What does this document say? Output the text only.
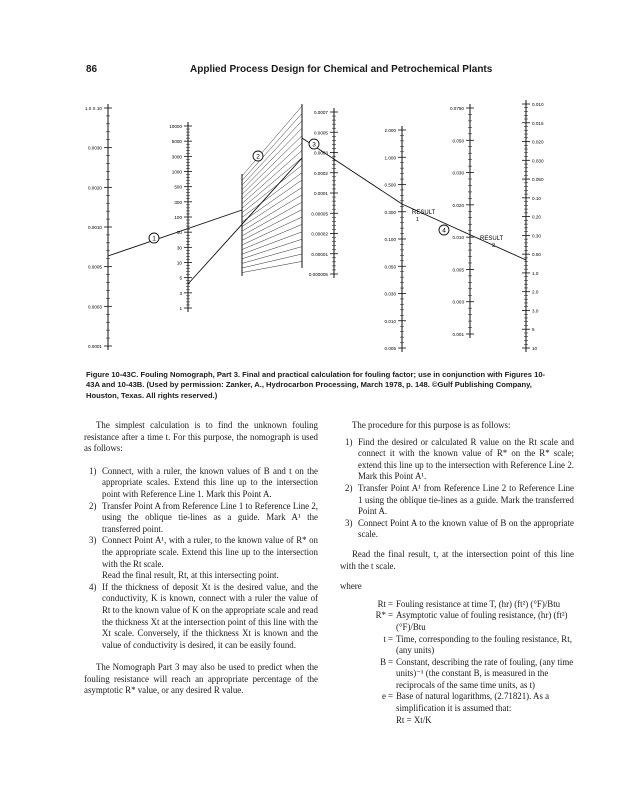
86	Applied Process Design for Chemical and Petrochemical Plants
1.0 X 10
0.0030
0.0020
0.0010
0.0005
0.0003
0.0001
10000
5000
3000
1000
500
300
100
50
30
10
5
3
1
0.0007
0.0005
0.0003
0.0002
0.0001
0.00005
0.00002
0.00001
0.000005
2.000
1.000
0.500
0.300
0.100
0.050
0.030
0.010
0.005
0.0750
0.050
0.030
0.020
0.010
0.005
0.003
0.001
0.010
0.015
0.020
0.030
0.050
0.10
0.20
0.30
0.50
1.0
2.0
3.0
5
10
1
2
3
4
RESULT
1
RESULT
2
Figure 10-43C. Fouling Nomograph, Part 3. Final and practical calculation for fouling factor; use in conjunction with Figures 10-43A and 10-43B. (Used by permission: Zanker, A., Hydrocarbon Processing, March 1978, p. 148. ©Gulf Publishing Company, Houston, Texas. All rights reserved.)

The simplest calculation is to find the unknown fouling resistance after a time t. For this purpose, the nomograph is used as follows:

1) Connect, with a ruler, the known values of B and t on the appropriate scales. Extend this line up to the intersection point with Reference Line 1. Mark this Point A.
2) Transfer Point A from Reference Line 1 to Reference Line 2, using the oblique tie-lines as a guide. Mark A¹ the transferred point.
3) Connect Point A¹, with a ruler, to the known value of R* on the appropriate scale. Extend this line up to the intersection with the Rt scale.
Read the final result, Rt, at this intersecting point.
4) If the thickness of deposit Xt is the desired value, and the conductivity, K is known, connect with a ruler the value of Rt to the known value of K on the appropriate scale and read the thickness Xt at the intersection point of this line with the Xt scale. Conversely, if the thickness Xt is known and the value of conductivity is desired, it can be easily found.

The Nomograph Part 3 may also be used to predict when the fouling resistance will reach an appropriate percentage of the asymptotic R* value, or any desired R value.

The procedure for this purpose is as follows:

1) Find the desired or calculated R value on the Rt scale and connect it with the known value of R* on the R* scale; extend this line up to the intersection with Reference Line 2. Mark this Point A¹.
2) Transfer Point A¹ from Reference Line 2 to Reference Line 1 using the oblique tie-lines as a guide. Mark the transferred Point A.
3) Connect Point A to the known value of B on the appropriate scale.

Read the final result, t, at the intersection point of this line with the t scale.

where

Rt = Fouling resistance at time T, (hr) (ft²) (°F)/Btu
R* = Asymptotic value of fouling resistance, (hr) (ft²) (°F)/Btu
t = Time, corresponding to the fouling resistance, Rt, (any units)
B = Constant, describing the rate of fouling, (any time units)⁻¹ (the constant B, is measured in the reciprocals of the same time units, as t)
e = Base of natural logarithms, (2.71821). As a simplification it is assumed that:
Rt = Xt/K
